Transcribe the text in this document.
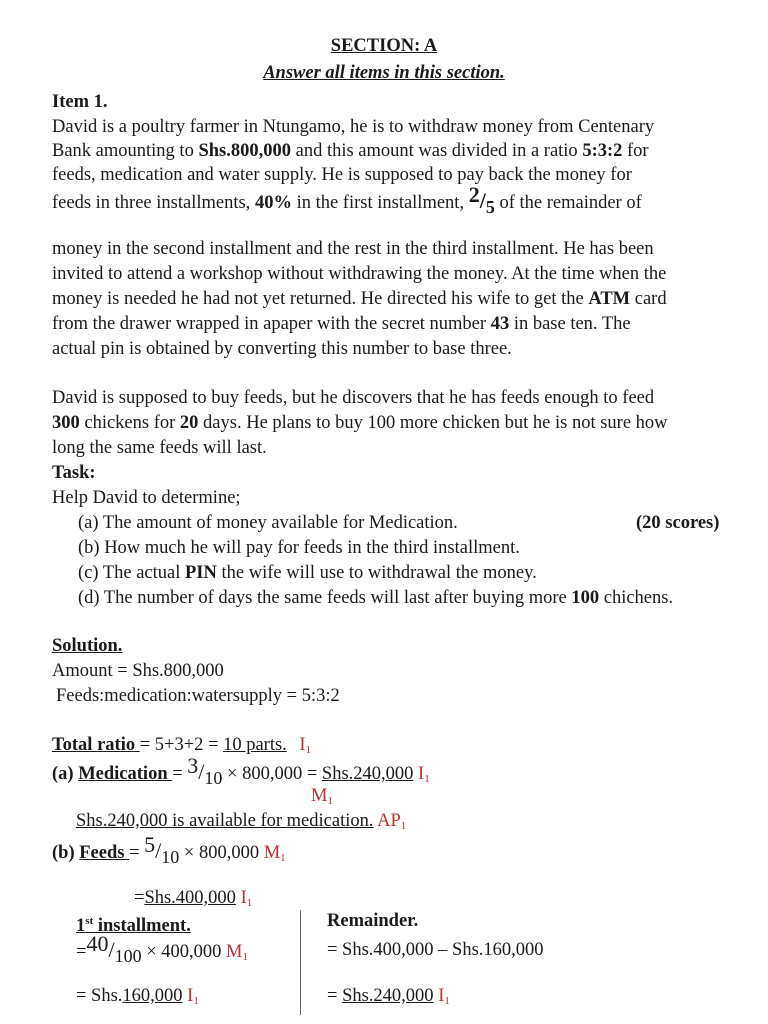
SECTION: A
Answer all items in this section.
Item 1.
David is a poultry farmer in Ntungamo, he is to withdraw money from Centenary
Bank amounting to Shs.800,000 and this amount was divided in a ratio 5:3:2 for
feeds, medication and water supply. He is supposed to pay back the money for
feeds in three installments, 40% in the first installment, 2/5 of the remainder of
money in the second installment and the rest in the third installment. He has been
invited to attend a workshop without withdrawing the money. At the time when the
money is needed he had not yet returned. He directed his wife to get the ATM card
from the drawer wrapped in apaper with the secret number 43 in base ten. The
actual pin is obtained by converting this number to base three.
David is supposed to buy feeds, but he discovers that he has feeds enough to feed
300 chickens for 20 days. He plans to buy 100 more chicken but he is not sure how
long the same feeds will last.
Task:
Help David to determine;
(a) The amount of money available for Medication.	(20 scores)
(b) How much he will pay for feeds in the third installment.
(c) The actual PIN the wife will use to withdrawal the money.
(d) The number of days the same feeds will last after buying more 100 chichens.
Solution.
Amount = Shs.800,000
Feeds:medication:watersupply = 5:3:2
Total ratio = 5+3+2 = 10 parts. $I_1$
(a) Medication = 3/10 × 800,000 = Shs.240,000 $I_1$
$M_1$
Shs.240,000 is available for medication. $AP_1$
(b) Feeds = 5/10 × 800,000 $M_1$
=Shs.400,000 $I_1$
1st installment.
=40/100 × 400,000 $M_1$
= Shs.160,000 $I_1$
Remainder.
= Shs.400,000 – Shs.160,000
= Shs.240,000 $I_1$
